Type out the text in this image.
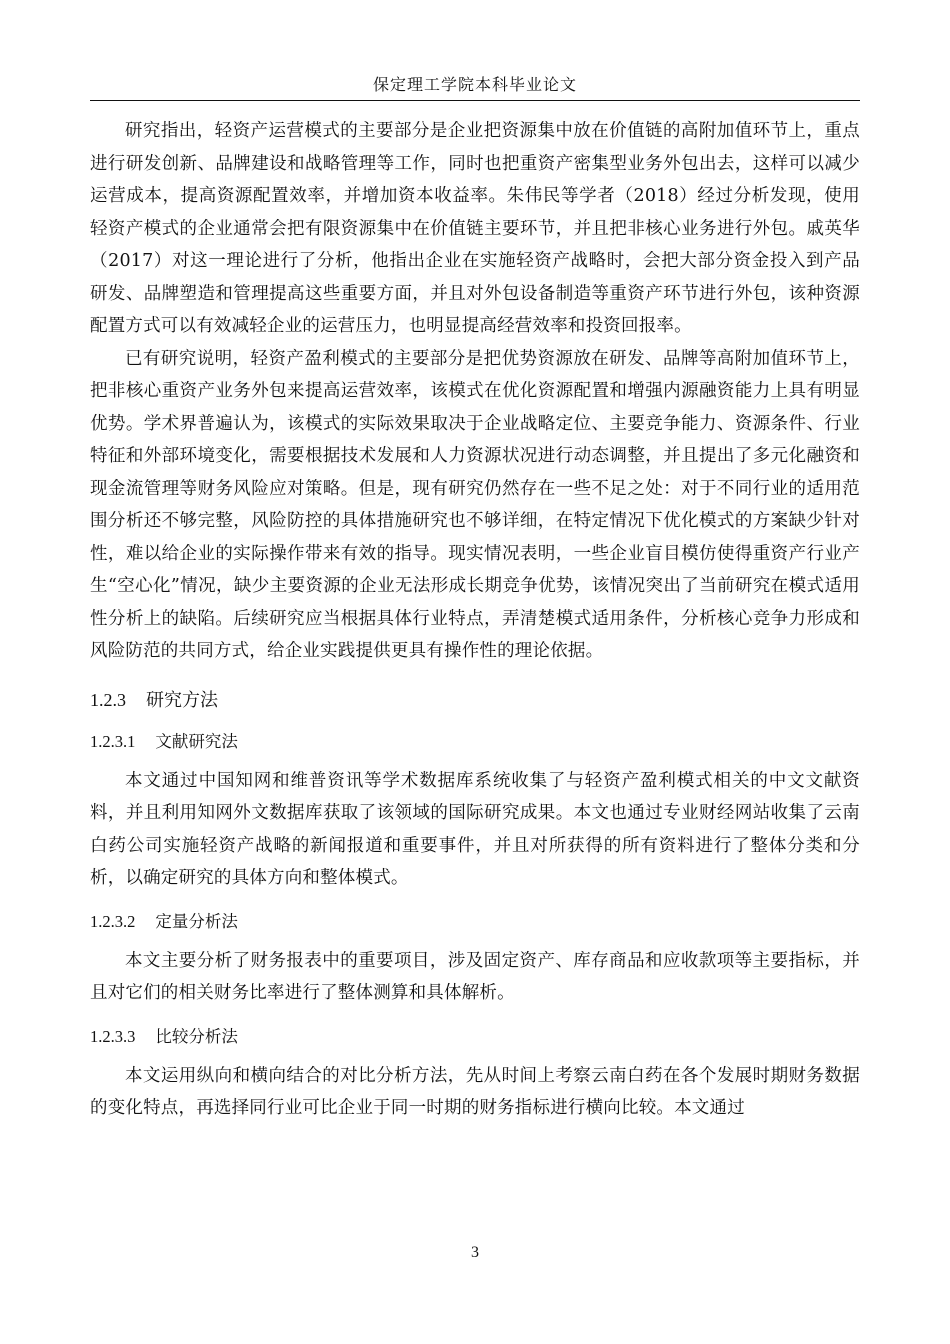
保定理工学院本科毕业论文

研究指出，轻资产运营模式的主要部分是企业把资源集中放在价值链的高附加值环节上，重点进行研发创新、品牌建设和战略管理等工作，同时也把重资产密集型业务外包出去，这样可以减少运营成本，提高资源配置效率，并增加资本收益率。朱伟民等学者（2018）经过分析发现，使用轻资产模式的企业通常会把有限资源集中在价值链主要环节，并且把非核心业务进行外包。戚英华（2017）对这一理论进行了分析，他指出企业在实施轻资产战略时，会把大部分资金投入到产品研发、品牌塑造和管理提高这些重要方面，并且对外包设备制造等重资产环节进行外包，该种资源配置方式可以有效减轻企业的运营压力，也明显提高经营效率和投资回报率。

已有研究说明，轻资产盈利模式的主要部分是把优势资源放在研发、品牌等高附加值环节上，把非核心重资产业务外包来提高运营效率，该模式在优化资源配置和增强内源融资能力上具有明显优势。学术界普遍认为，该模式的实际效果取决于企业战略定位、主要竞争能力、资源条件、行业特征和外部环境变化，需要根据技术发展和人力资源状况进行动态调整，并且提出了多元化融资和现金流管理等财务风险应对策略。但是，现有研究仍然存在一些不足之处：对于不同行业的适用范围分析还不够完整，风险防控的具体措施研究也不够详细，在特定情况下优化模式的方案缺少针对性，难以给企业的实际操作带来有效的指导。现实情况表明，一些企业盲目模仿使得重资产行业产生“空心化”情况，缺少主要资源的企业无法形成长期竞争优势，该情况突出了当前研究在模式适用性分析上的缺陷。后续研究应当根据具体行业特点，弄清楚模式适用条件，分析核心竞争力形成和风险防范的共同方式，给企业实践提供更具有操作性的理论依据。

1.2.3 研究方法
1.2.3.1 文献研究法

本文通过中国知网和维普资讯等学术数据库系统收集了与轻资产盈利模式相关的中文文献资料，并且利用知网外文数据库获取了该领域的国际研究成果。本文也通过专业财经网站收集了云南白药公司实施轻资产战略的新闻报道和重要事件，并且对所获得的所有资料进行了整体分类和分析，以确定研究的具体方向和整体模式。

1.2.3.2 定量分析法

本文主要分析了财务报表中的重要项目，涉及固定资产、库存商品和应收款项等主要指标，并且对它们的相关财务比率进行了整体测算和具体解析。

1.2.3.3 比较分析法

本文运用纵向和横向结合的对比分析方法，先从时间上考察云南白药在各个发展时期财务数据的变化特点，再选择同行业可比企业于同一时期的财务指标进行横向比较。本文通过

3
